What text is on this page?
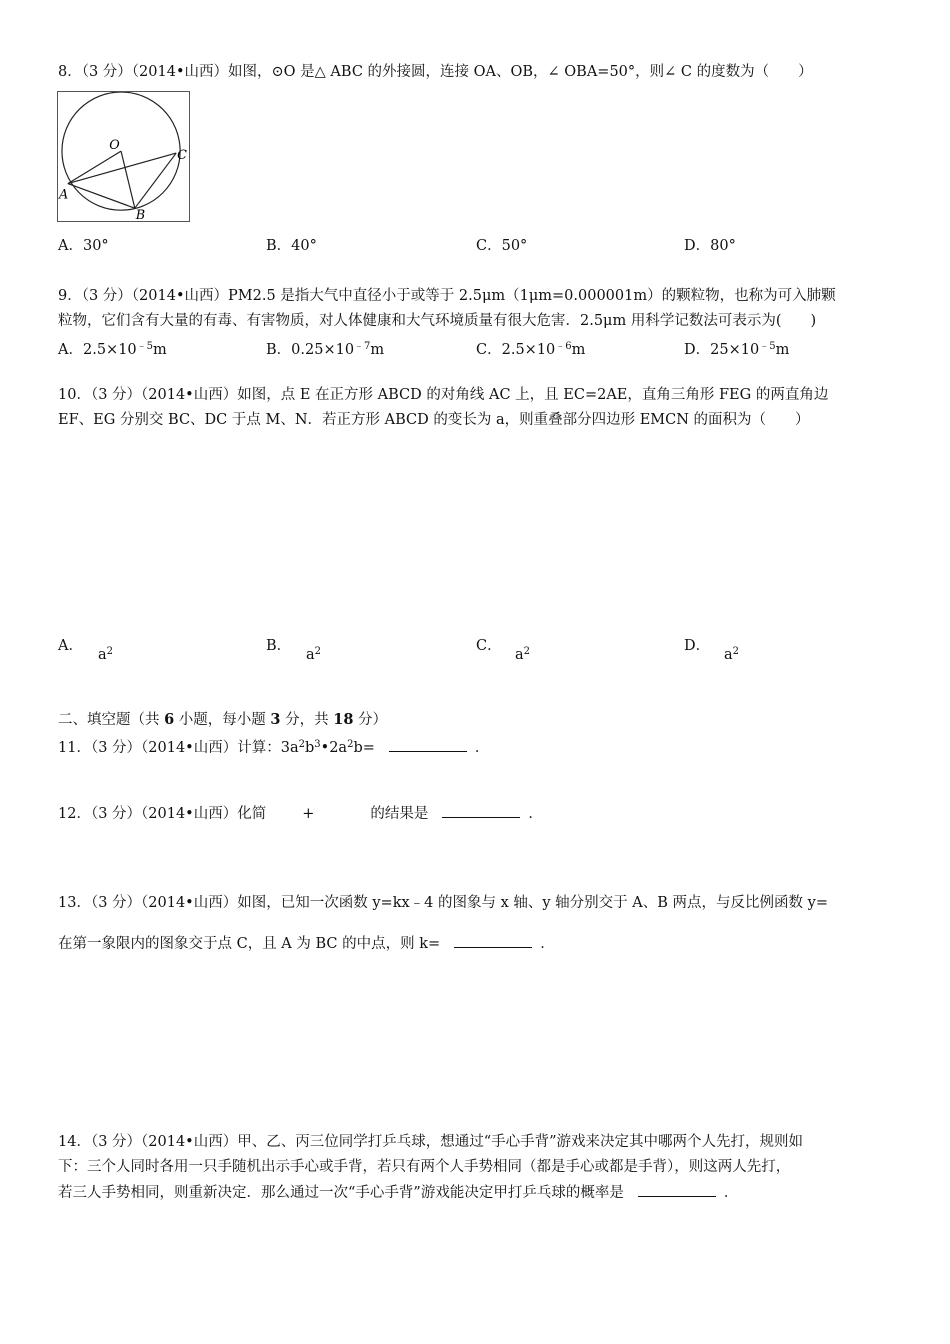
8．（3 分）（2014•山西）如图，⊙O 是△ ABC 的外接圆，连接 OA、OB，∠ OBA=50°，则∠ C 的度数为（　　）
O
A
B
C
A．30°	B．40°	C．50°	D．80°
9．（3 分）（2014•山西）PM2.5 是指大气中直径小于或等于 2.5μm（1μm=0.000001m）的颗粒物，也称为可入肺颗
粒物，它们含有大量的有毒、有害物质，对人体健康和大气环境质量有很大危害．2.5μm 用科学记数法可表示为(　　)
A．$2.5\times 10^{﹣5}m$	B．$0.25\times 10^{﹣7}m$	C．$2.5\times 10^{﹣6}m$	D．$25\times 10^{﹣5}m$
10．（3 分）（2014•山西）如图，点 E 在正方形 ABCD 的对角线 AC 上，且 EC=2AE，直角三角形 FEG 的两直角边
EF、EG 分别交 BC、DC 于点 M、N．若正方形 ABCD 的变长为 a，则重叠部分四边形 EMCN 的面积为（　　）
A．	B．	C．	D．
$a^2$	$a^2$	$a^2$	$a^2$
二、填空题（共 6 小题，每小题 3 分，共 18 分）
11．（3 分）（2014•山西）计算：$3a^2b^3•2a^2b=$	．
12．（3 分）（2014•山西）化简 +	的结果是	．
13．（3 分）（2014•山西）如图，已知一次函数 y=kx﹣4 的图象与 x 轴、y 轴分别交于 A、B 两点，与反比例函数 y=
在第一象限内的图象交于点 C，且 A 为 BC 的中点，则 k=	．
14．（3 分）（2014•山西）甲、乙、丙三位同学打乒乓球，想通过“手心手背”游戏来决定其中哪两个人先打，规则如
下：三个人同时各用一只手随机出示手心或手背，若只有两个人手势相同（都是手心或都是手背），则这两人先打，
若三人手势相同，则重新决定．那么通过一次“手心手背”游戏能决定甲打乒乓球的概率是	．
